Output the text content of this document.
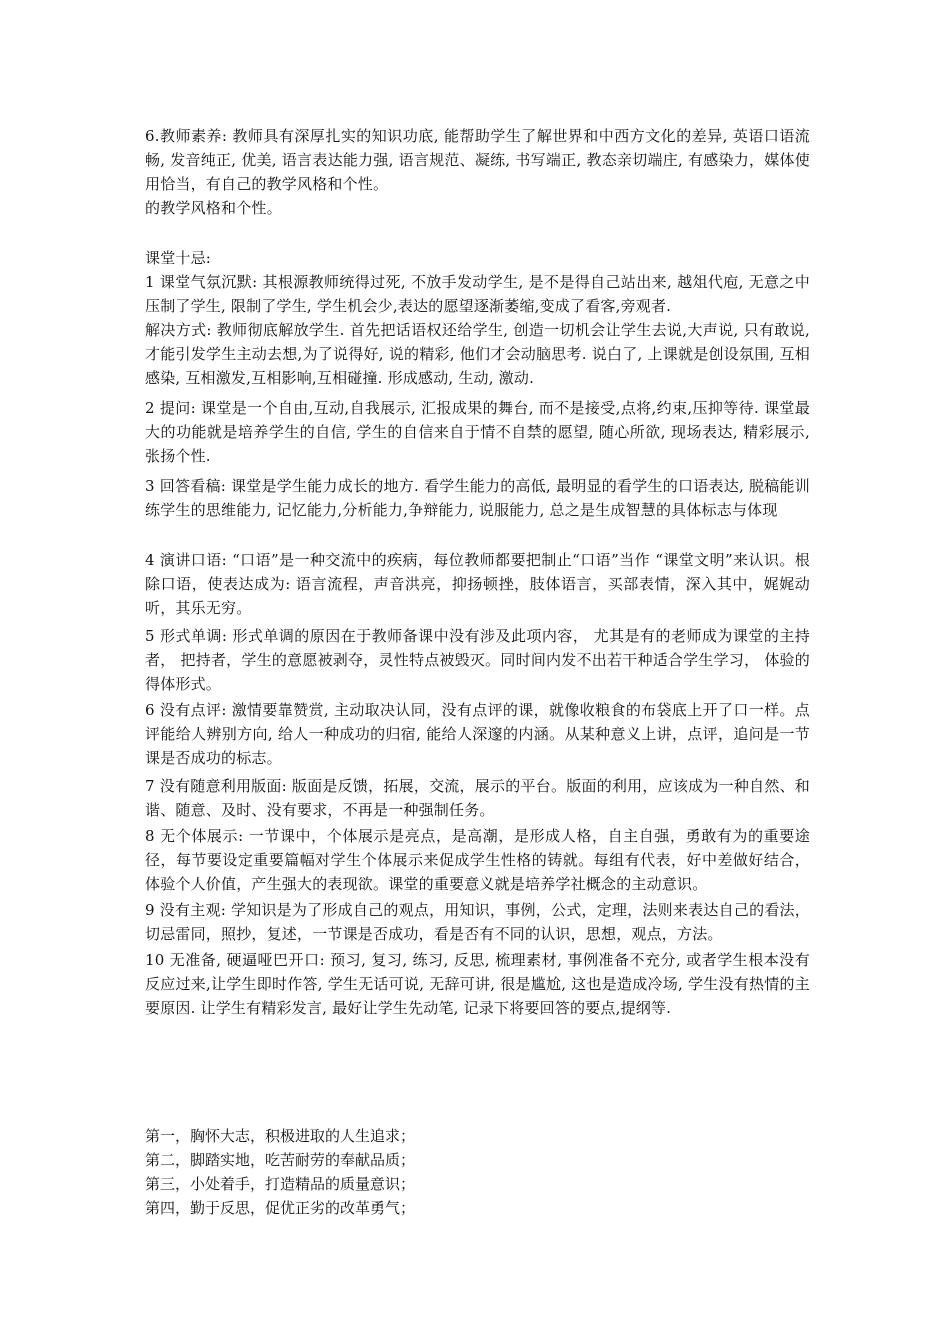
6.教师素养: 教师具有深厚扎实的知识功底, 能帮助学生了解世界和中西方文化的差异, 英语口语流畅, 发音纯正, 优美, 语言表达能力强, 语言规范、凝练, 书写端正, 教态亲切端庄, 有感染力，媒体使用恰当，有自己的教学风格和个性。

的教学风格和个性。

课堂十忌:

1 课堂气氛沉默: 其根源教师统得过死, 不放手发动学生, 是不是得自己站出来, 越俎代庖, 无意之中压制了学生, 限制了学生, 学生机会少,表达的愿望逐渐萎缩,变成了看客,旁观者.

解决方式: 教师彻底解放学生. 首先把话语权还给学生, 创造一切机会让学生去说,大声说, 只有敢说,才能引发学生主动去想,为了说得好, 说的精彩, 他们才会动脑思考. 说白了, 上课就是创设氛围, 互相感染, 互相激发,互相影响,互相碰撞. 形成感动, 生动, 激动.

2 提问: 课堂是一个自由,互动,自我展示, 汇报成果的舞台, 而不是接受,点将,约束,压抑等待. 课堂最大的功能就是培养学生的自信, 学生的自信来自于情不自禁的愿望, 随心所欲, 现场表达, 精彩展示, 张扬个性.

3 回答看稿: 课堂是学生能力成长的地方. 看学生能力的高低, 最明显的看学生的口语表达, 脱稿能训练学生的思维能力, 记忆能力,分析能力,争辩能力, 说服能力, 总之是生成智慧的具体标志与体现

4 演讲口语: “口语”是一种交流中的疾病，每位教师都要把制止“口语”当作 “课堂文明”来认识。根除口语，使表达成为: 语言流程，声音洪亮，抑扬顿挫，肢体语言，买部表情，深入其中，娓娓动听，其乐无穷。

5 形式单调: 形式单调的原因在于教师备课中没有涉及此项内容， 尤其是有的老师成为课堂的主持者， 把持者，学生的意愿被剥夺，灵性特点被毁灭。同时间内发不出若干种适合学生学习， 体验的得体形式。

6 没有点评: 激情要靠赞赏, 主动取决认同，没有点评的课，就像收粮食的布袋底上开了口一样。点评能给人辨别方向, 给人一种成功的归宿, 能给人深邃的内涵。从某种意义上讲，点评，追问是一节课是否成功的标志。

7 没有随意利用版面: 版面是反馈，拓展，交流，展示的平台。版面的利用，应该成为一种自然、和谐、随意、及时、没有要求，不再是一种强制任务。

8 无个体展示: 一节课中，个体展示是亮点，是高潮，是形成人格，自主自强，勇敢有为的重要途径，每节要设定重要篇幅对学生个体展示来促成学生性格的铸就。每组有代表，好中差做好结合，体验个人价值，产生强大的表现欲。课堂的重要意义就是培养学社概念的主动意识。

9 没有主观: 学知识是为了形成自己的观点，用知识，事例，公式，定理，法则来表达自己的看法，切忌雷同，照抄，复述，一节课是否成功，看是否有不同的认识，思想，观点，方法。

10 无准备, 硬逼哑巴开口: 预习, 复习, 练习, 反思, 梳理素材, 事例准备不充分, 或者学生根本没有反应过来,让学生即时作答, 学生无话可说, 无辞可讲, 很是尴尬, 这也是造成冷场, 学生没有热情的主要原因. 让学生有精彩发言, 最好让学生先动笔, 记录下将要回答的要点,提纲等.

第一，胸怀大志，积极进取的人生追求；
第二，脚踏实地，吃苦耐劳的奉献品质；
第三，小处着手，打造精品的质量意识；
第四，勤于反思，促优正劣的改革勇气；
